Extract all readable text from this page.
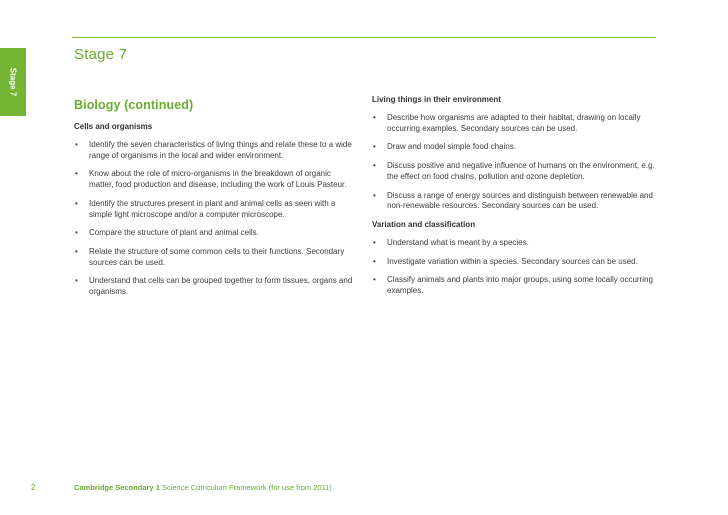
Stage 7
Stage 7
Biology (continued)
Cells and organisms
• Identify the seven characteristics of living things and relate these to a wide range of organisms in the local and wider environment.
• Know about the role of micro-organisms in the breakdown of organic matter, food production and disease, including the work of Louis Pasteur.
• Identify the structures present in plant and animal cells as seen with a simple light microscope and/or a computer microscope.
• Compare the structure of plant and animal cells.
• Relate the structure of some common cells to their functions. Secondary sources can be used.
• Understand that cells can be grouped together to form tissues, organs and organisms.
Living things in their environment
• Describe how organisms are adapted to their habitat, drawing on locally occurring examples. Secondary sources can be used.
• Draw and model simple food chains.
• Discuss positive and negative influence of humans on the environment, e.g. the effect on food chains, pollution and ozone depletion.
• Discuss a range of energy sources and distinguish between renewable and non-renewable resources. Secondary sources can be used.
Variation and classification
• Understand what is meant by a species.
• Investigate variation within a species. Secondary sources can be used.
• Classify animals and plants into major groups, using some locally occurring examples.
2	Cambridge Secondary 1 Science Curriculum Framework (for use from 2011)
